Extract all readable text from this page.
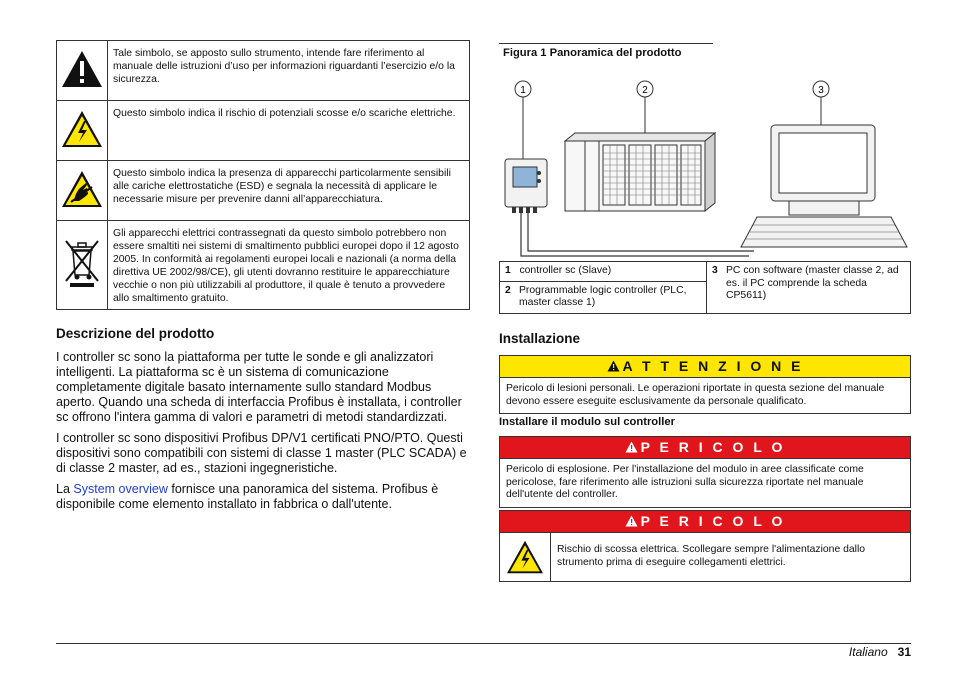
	Tale simbolo, se apposto sullo strumento, intende fare riferimento al manuale delle istruzioni d’uso per informazioni riguardanti l’esercizio e/o la sicurezza.
	Questo simbolo indica il rischio di potenziali scosse e/o scariche elettriche.
	Questo simbolo indica la presenza di apparecchi particolarmente sensibili alle cariche elettrostatiche (ESD) e segnala la necessità di applicare le necessarie misure per prevenire danni all’apparecchiatura.
	Gli apparecchi elettrici contrassegnati da questo simbolo potrebbero non essere smaltiti nei sistemi di smaltimento pubblici europei dopo il 12 agosto 2005. In conformità ai regolamenti europei locali e nazionali (a norma della direttiva UE 2002/98/CE), gli utenti dovranno restituire le apparecchiature vecchie o non più utilizzabili al produttore, il quale è tenuto a provvedere allo smaltimento gratuito.
Descrizione del prodotto

I controller sc sono la piattaforma per tutte le sonde e gli analizzatori intelligenti. La piattaforma sc è un sistema di comunicazione completamente digitale basato internamente sullo standard Modbus aperto. Quando una scheda di interfaccia Profibus è installata, i controller sc offrono l'intera gamma di valori e parametri di metodi standardizzati.

I controller sc sono dispositivi Profibus DP/V1 certificati PNO/PTO. Questi dispositivi sono compatibili con sistemi di classe 1 master (PLC SCADA) e di classe 2 master, ad es., stazioni ingegneristiche.

La System overview fornisce una panoramica del sistema. Profibus è disponibile come elemento installato in fabbrica o dall'utente.

Figura 1 Panoramica del prodotto
1	2	3
1 controller sc (Slave)	3 PC con software (master classe 2, ad es. il PC comprende la scheda CP5611)

2 Programmable logic controller (PLC, master classe 1)
Installazione
A T T E N Z I O N E
Pericolo di lesioni personali. Le operazioni riportate in questa sezione del manuale devono essere eseguite esclusivamente da personale qualificato.
Installare il modulo sul controller
P E R I C O L O
Pericolo di esplosione. Per l'installazione del modulo in aree classificate come pericolose, fare riferimento alle istruzioni sulla sicurezza riportate nel manuale dell'utente del controller.
P E R I C O L O
Rischio di scossa elettrica. Scollegare sempre l'alimentazione dallo strumento prima di eseguire collegamenti elettrici.
Italiano 31
